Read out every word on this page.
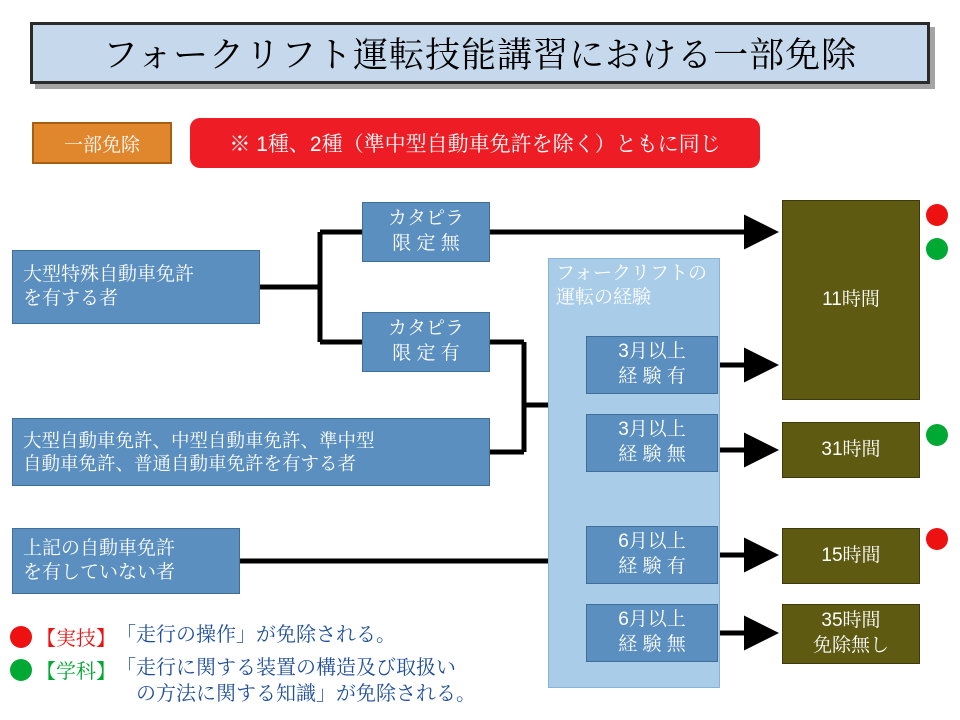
フォークリフト運転技能講習における一部免除
一部免除	※ 1種、2種（準中型自動車免許を除く）ともに同じ
大型特殊自動車免許
を有する者
大型自動車免許、中型自動車免許、準中型
自動車免許、普通自動車免許を有する者
上記の自動車免許
を有していない者
カタピラ
限 定 無
カタピラ
限 定 有
フォークリフトの
運転の経験
3月以上
経 験 有
3月以上
経 験 無
6月以上
経 験 有
6月以上
経 験 無
11時間
31時間
15時間
35時間
免除無し
【実技】 「走行の操作」が免除される。
【学科】 「走行に関する装置の構造及び取扱い
　の方法に関する知識」が免除される。
